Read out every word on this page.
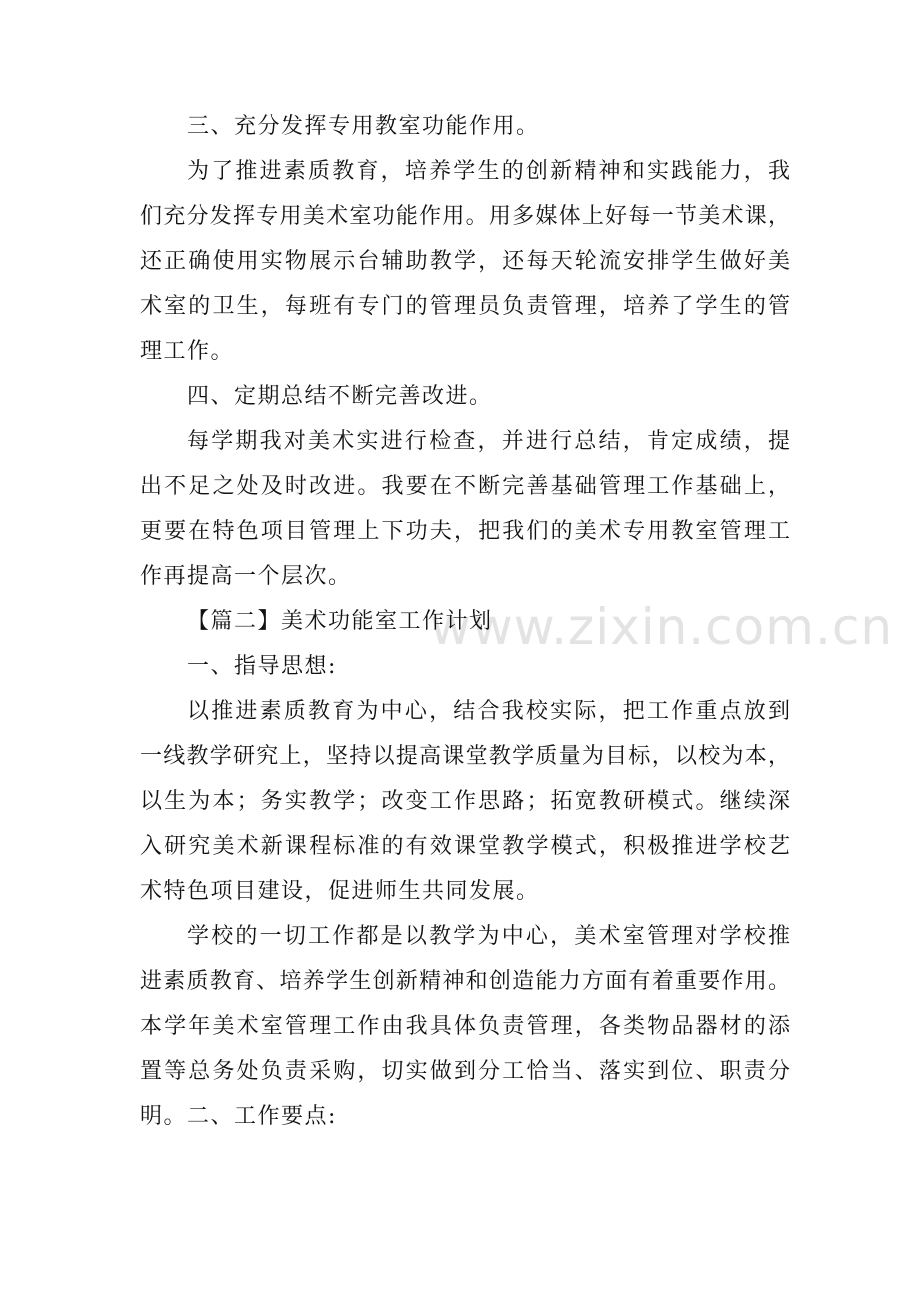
www.zixin.com.cn
三、充分发挥专用教室功能作用。
为了推进素质教育，培养学生的创新精神和实践能力，我
们充分发挥专用美术室功能作用。用多媒体上好每一节美术课，
还正确使用实物展示台辅助教学，还每天轮流安排学生做好美
术室的卫生，每班有专门的管理员负责管理，培养了学生的管
理工作。
四、定期总结不断完善改进。
每学期我对美术实进行检查，并进行总结，肯定成绩，提
出不足之处及时改进。我要在不断完善基础管理工作基础上，
更要在特色项目管理上下功夫，把我们的美术专用教室管理工
作再提高一个层次。
【篇二】美术功能室工作计划
一、指导思想:
以推进素质教育为中心，结合我校实际，把工作重点放到
一线教学研究上，坚持以提高课堂教学质量为目标，以校为本，
以生为本；务实教学；改变工作思路；拓宽教研模式。继续深
入研究美术新课程标准的有效课堂教学模式，积极推进学校艺
术特色项目建设，促进师生共同发展。
学校的一切工作都是以教学为中心，美术室管理对学校推
进素质教育、培养学生创新精神和创造能力方面有着重要作用。
本学年美术室管理工作由我具体负责管理，各类物品器材的添
置等总务处负责采购，切实做到分工恰当、落实到位、职责分
明。二、工作要点:
